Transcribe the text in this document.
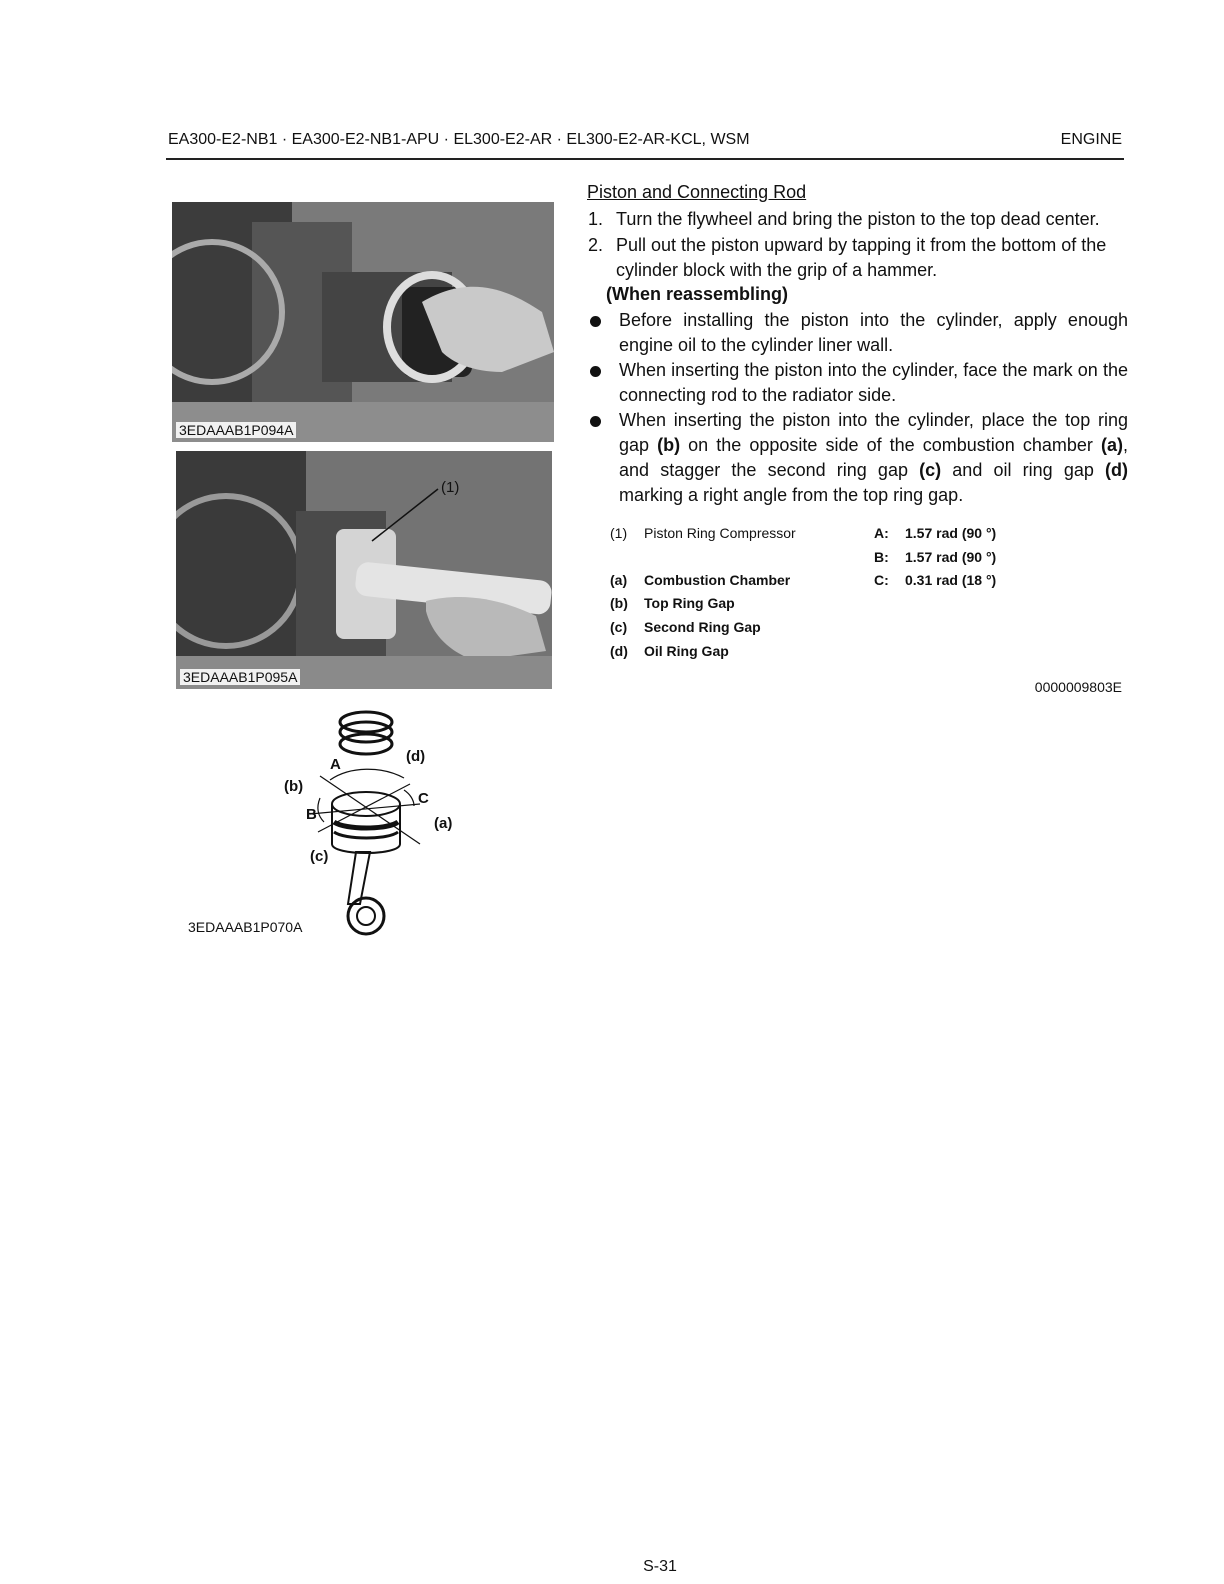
EA300-E2-NB1 · EA300-E2-NB1-APU · EL300-E2-AR · EL300-E2-AR-KCL, WSM	ENGINE
3EDAAAB1P094A
3EDAAAB1P095A
(1)
A	(d)
(b)
C
B
(a)
(c)
3EDAAAB1P070A
Piston and Connecting Rod
1. Turn the flywheel and bring the piston to the top dead center.
2. Pull out the piston upward by tapping it from the bottom of the cylinder block with the grip of a hammer.
(When reassembling)
Before installing the piston into the cylinder, apply enough engine oil to the cylinder liner wall.
When inserting the piston into the cylinder, face the mark on the connecting rod to the radiator side.
When inserting the piston into the cylinder, place the top ring gap (b) on the opposite side of the combustion chamber (a), and stagger the second ring gap (c) and oil ring gap (d) marking a right angle from the top ring gap.
(1) Piston Ring Compressor
(a) Combustion Chamber
(b) Top Ring Gap
(c) Second Ring Gap
(d) Oil Ring Gap
A: 1.57 rad (90 °)
B: 1.57 rad (90 °)
C: 0.31 rad (18 °)
0000009803E
S-31
